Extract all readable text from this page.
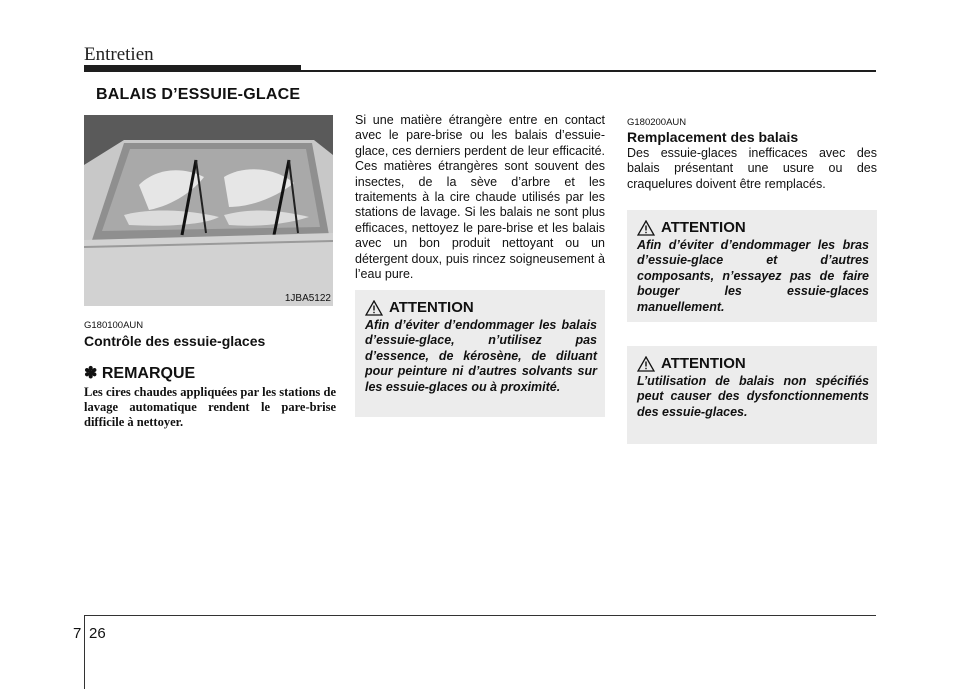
Entretien
BALAIS D’ESSUIE-GLACE
1JBA5122
G180100AUN
Contrôle des essuie-glaces
✽ REMARQUE
Les cires chaudes appliquées par les stations de lavage automatique rendent le pare-brise difficile à nettoyer.
Si une matière étrangère entre en contact avec le pare-brise ou les balais d’essuie-glace, ces derniers perdent de leur efficacité. Ces matières étrangères sont souvent des insectes, de la sève d’arbre et les traitements à la cire chaude utilisés par les stations de lavage. Si les balais ne sont plus efficaces, nettoyez le pare-brise et les balais avec un bon produit nettoyant ou un détergent doux, puis rincez soigneusement à l’eau pure.
ATTENTION
Afin d’éviter d’endommager les balais d’essuie-glace, n’utilisez pas d’essence, de kérosène, de diluant pour peinture ni d’autres solvants sur les essuie-glaces ou à proximité.
G180200AUN
Remplacement des balais
Des essuie-glaces inefficaces avec des balais présentant une usure ou des craquelures doivent être remplacés.
ATTENTION
Afin d’éviter d’endommager les bras d’essuie-glace et d’autres composants, n’essayez pas de faire bouger les essuie-glaces manuellement.
ATTENTION
L’utilisation de balais non spécifiés peut causer des dysfonctionnements des essuie-glaces.
7 26
